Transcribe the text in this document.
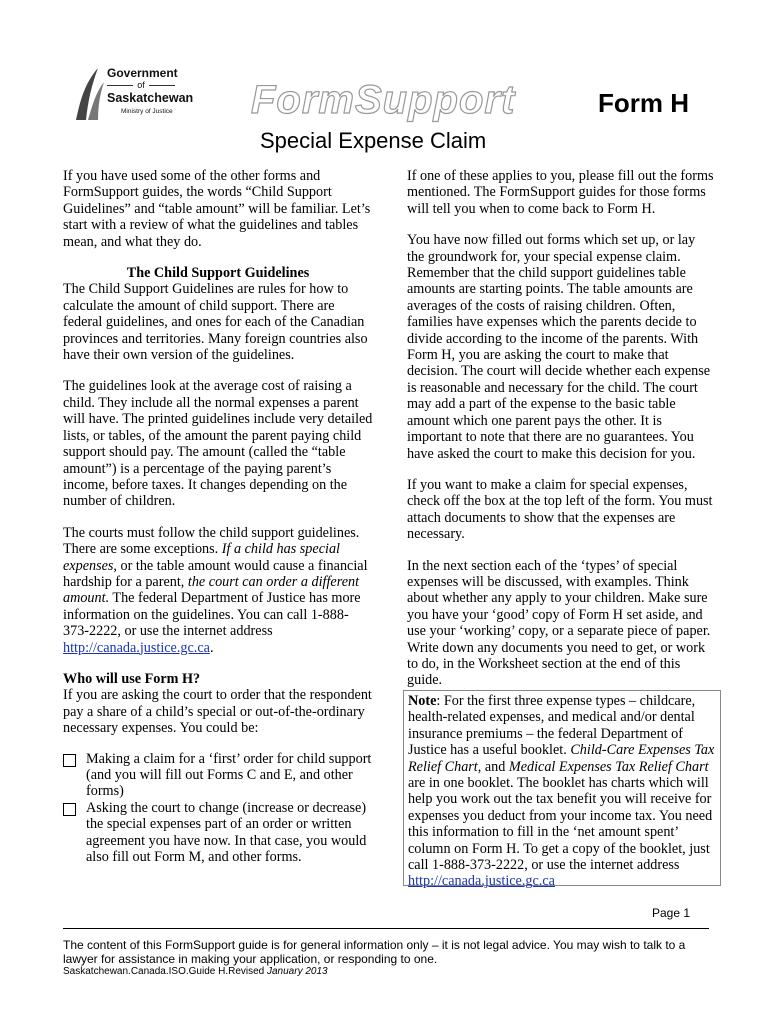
Government
of
Saskatchewan
Ministry of Justice FormSupport	Form H
Special Expense Claim

If you have used some of the other forms and FormSupport guides, the words “Child Support Guidelines” and “table amount” will be familiar. Let’s start with a review of what the guidelines and tables mean, and what they do.

The Child Support Guidelines
The Child Support Guidelines are rules for how to calculate the amount of child support. There are federal guidelines, and ones for each of the Canadian provinces and territories. Many foreign countries also have their own version of the guidelines.

The guidelines look at the average cost of raising a child. They include all the normal expenses a parent will have. The printed guidelines include very detailed lists, or tables, of the amount the parent paying child support should pay. The amount (called the “table amount”) is a percentage of the paying parent’s income, before taxes. It changes depending on the number of children.

The courts must follow the child support guidelines. There are some exceptions. If a child has special expenses, or the table amount would cause a financial hardship for a parent, the court can order a different amount. The federal Department of Justice has more information on the guidelines. You can call 1-888-373-2222, or use the internet address http://canada.justice.gc.ca.

Who will use Form H?
If you are asking the court to order that the respondent pay a share of a child’s special or out-of-the-ordinary necessary expenses. You could be:

Making a claim for a ‘first’ order for child support (and you will fill out Forms C and E, and other forms)
Asking the court to change (increase or decrease) the special expenses part of an order or written agreement you have now. In that case, you would also fill out Form M, and other forms.

If one of these applies to you, please fill out the forms mentioned. The FormSupport guides for those forms will tell you when to come back to Form H.

You have now filled out forms which set up, or lay the groundwork for, your special expense claim. Remember that the child support guidelines table amounts are starting points. The table amounts are averages of the costs of raising children. Often, families have expenses which the parents decide to divide according to the income of the parents. With Form H, you are asking the court to make that decision. The court will decide whether each expense is reasonable and necessary for the child. The court may add a part of the expense to the basic table amount which one parent pays the other. It is important to note that there are no guarantees. You have asked the court to make this decision for you.

If you want to make a claim for special expenses, check off the box at the top left of the form. You must attach documents to show that the expenses are necessary.

In the next section each of the ‘types’ of special expenses will be discussed, with examples. Think about whether any apply to your children. Make sure you have your ‘good’ copy of Form H set aside, and use your ‘working’ copy, or a separate piece of paper. Write down any documents you need to get, or work to do, in the Worksheet section at the end of this guide.

Note: For the first three expense types – childcare, health-related expenses, and medical and/or dental insurance premiums – the federal Department of Justice has a useful booklet. Child-Care Expenses Tax Relief Chart, and Medical Expenses Tax Relief Chart are in one booklet. The booklet has charts which will help you work out the tax benefit you will receive for expenses you deduct from your income tax. You need this information to fill in the ‘net amount spent’ column on Form H. To get a copy of the booklet, just call 1-888-373-2222, or use the internet address http://canada.justice.gc.ca
Page 1
The content of this FormSupport guide is for general information only – it is not legal advice. You may wish to talk to a lawyer for assistance in making your application, or responding to one.
Saskatchewan.Canada.ISO.Guide H.Revised January 2013
